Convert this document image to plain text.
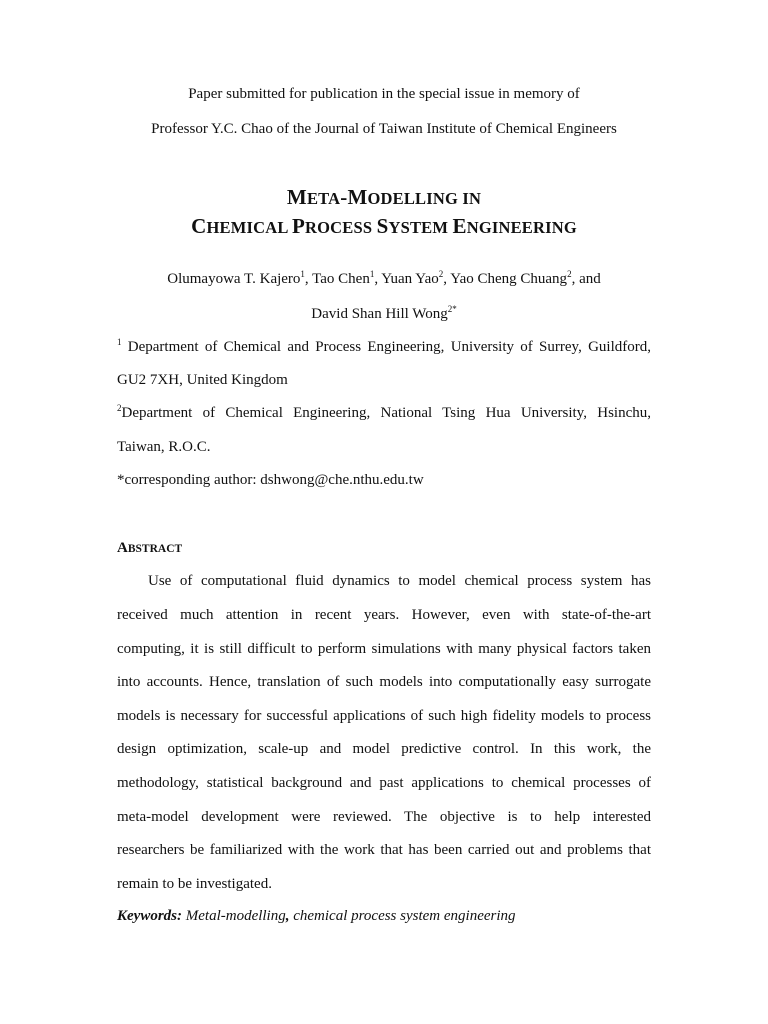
Paper submitted for publication in the special issue in memory of
Professor Y.C. Chao of the Journal of Taiwan Institute of Chemical Engineers
META-MODELLING IN
CHEMICAL PROCESS SYSTEM ENGINEERING
Olumayowa T. Kajero$^1$, Tao Chen$^1$, Yuan Yao$^2$, Yao Cheng Chuang$^2$, and
David Shan Hill Wong$^{2*}$
$^1$ Department of Chemical and Process Engineering, University of Surrey, Guildford,
GU2 7XH, United Kingdom
$^2$Department of Chemical Engineering, National Tsing Hua University, Hsinchu,
Taiwan, R.O.C.
*corresponding author: dshwong@che.nthu.edu.tw
ABSTRACT
Use of computational fluid dynamics to model chemical process system has
received much attention in recent years. However, even with state-of-the-art
computing, it is still difficult to perform simulations with many physical factors taken
into accounts. Hence, translation of such models into computationally easy surrogate
models is necessary for successful applications of such high fidelity models to process
design optimization, scale-up and model predictive control. In this work, the
methodology, statistical background and past applications to chemical processes of
meta-model development were reviewed. The objective is to help interested
researchers be familiarized with the work that has been carried out and problems that
remain to be investigated.
Keywords: Metal-modelling, chemical process system engineering
